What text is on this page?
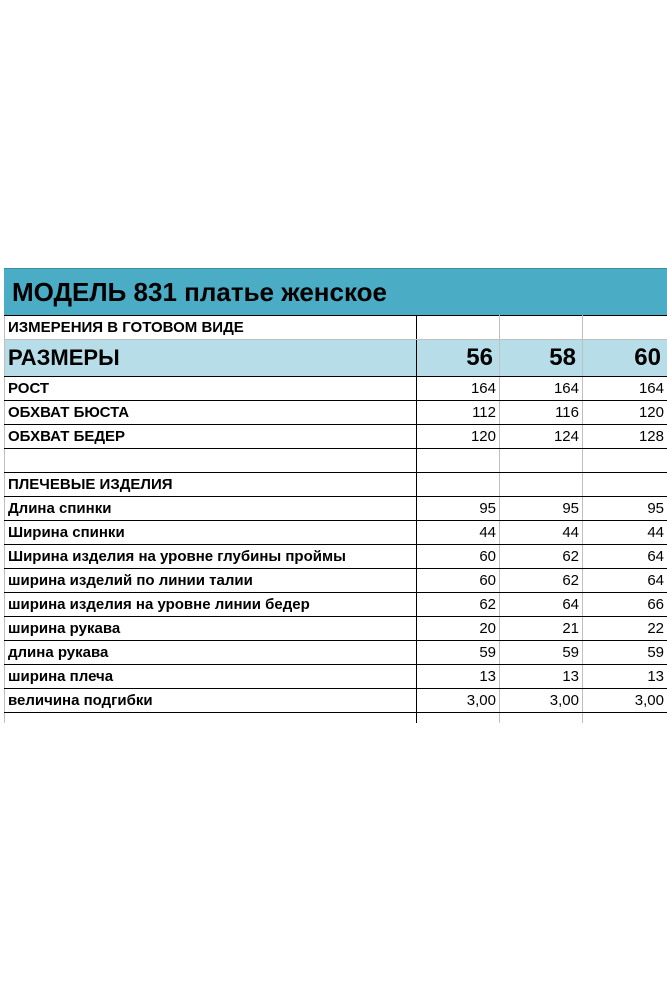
МОДЕЛЬ 831 платье женское
ИЗМЕРЕНИЯ В ГОТОВОМ ВИДЕ			
РАЗМЕРЫ	56	58	60
РОСТ	164	164	164
ОБХВАТ БЮСТА	112	116	120
ОБХВАТ БЕДЕР	120	124	128

ПЛЕЧЕВЫЕ ИЗДЕЛИЯ			
Длина спинки	95	95	95
Ширина спинки	44	44	44
Ширина изделия на уровне глубины проймы	60	62	64
ширина изделий по линии талии	60	62	64
ширина изделия на уровне линии бедер	62	64	66
ширина рукава	20	21	22
длина рукава	59	59	59
ширина плеча	13	13	13
величина подгибки	3,00	3,00	3,00
